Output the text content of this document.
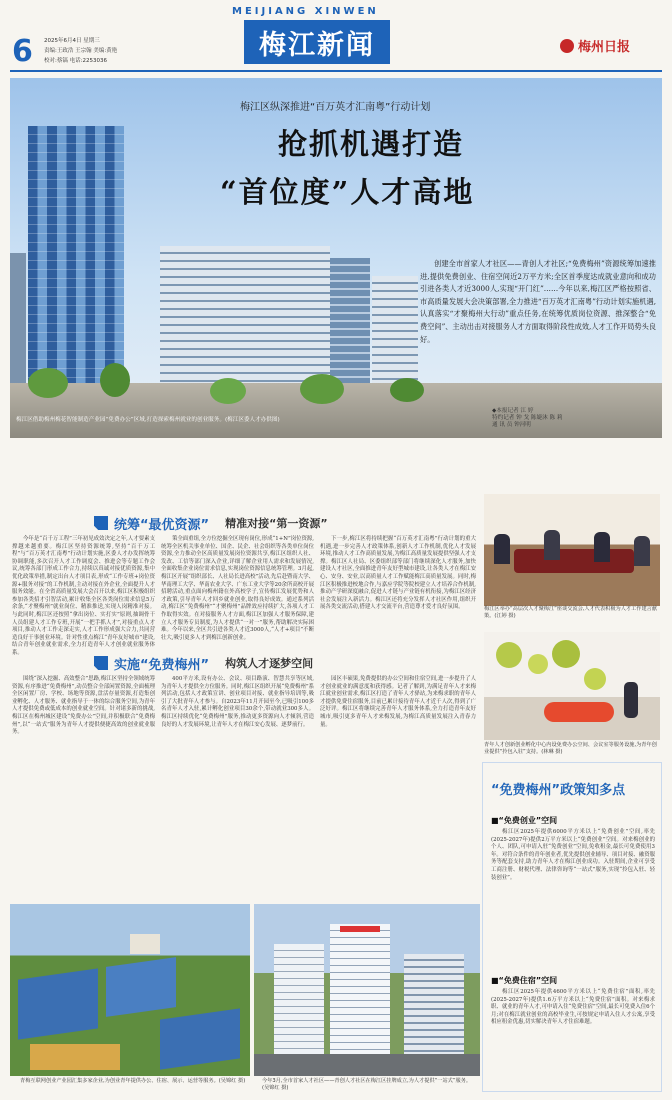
MEIJIANG XINWEN
6 2025年6月4日 星期三
责编:王政浩 王宗翰 美编:黄艳
校对:蔡镐 电话:2253036
梅江新闻	梅州日报
创建全市首家人才社区——青创人才社区;“免费梅州”资源统筹加速推进,提供免费创业、住宿空间近2万平方米;全区首季度达成就业意向和成功引进各类人才近3000人,实现“开门红”……今年以来,梅江区严格按照省、市高质量发展大会决策部署,全力推进“百万英才汇南粤”行动计划实施机遇,认真落实“才聚梅州大行动”重点任务,在统筹优质岗位资源、推深整合“免费空间”、主动出击对接服务人才方面取得阶段性成效,人才工作开局势头良好。
◆本报记者 江 婷
特约记者 钟 戈 陈婕沐 陈 莉
通 讯 员 钟河明
梅江区借助梅州梅花智能制造产业园“免费办公”区域,打造探索梅州就业的创业服务。(梅江区委人才办供图)
梅江区纵深推进“百万英才汇南粤”行动计划
抢抓机遇打造
“首位度”人才高地
统筹“最优资源” 精准对接“第一资源”
今年是“百千万工程”三年初见成效决定之年,人才要素支撑越来越重要。梅江区坚持资源统筹,坚持“百千万工程”与“百万英才汇南粤”行动计划实施,区委人才办发挥统筹协调职能,多次召开人才工作调度会、推进会等专题工作会议,统筹各部门形成工作合力,持续以真诚对接优质资源,集中优化政策举措,制定出台人才项目表,形成“工作专班+岗位资源+服务对接”的工作机制,主动对接在外企业,全面提升人才服务效能。在全省高质量发展大会召开以来,梅江区积极组织参加各类招才引智活动,累计收集全区各类岗位需求信息5万余条,“才聚梅州”就业岗位、精准推送,实现人岗精准对接。与此同时,梅江区还按照“拿出岗位、实打实”原则,抽调骨干人员组建人才工作专班,开展“一把手抓人才”,对接重点人才项目,推动人才工作走深走实,人才工作形成强大合力,共同营造良好干事创业环境。针对性重点梅江“青年友好城市”建设,结合青年创业就业需求,全力打造青年人才创业就业服务体系。
策全面重组,全方位挖掘全区现有岗位,形成“1+N”岗位资源,统筹全区机关事业单位、国企、民企、社会组织等各类单位岗位资源,全力推动全区高质量发展岗位资源共享,梅江区组织人社、发改、工信等部门深入企业,详细了解企业用人需求和发展情况,全面收集企业岗位需求信息,实现岗位资源信息统筹管理。3月起,梅江区开展“组织部长、人社局长进高校”活动,先后赴暨南大学、华南理工大学、华南农业大学、广东工业大学等20余所高校开展招聘活动,重点面向梅州籍在外高校学子,宣传梅江发展优势和人才政策,引导青年人才回乡就业创业,取得良好成效。通过系列活动,梅江区“免费梅州”“才聚梅州”品牌效应持续扩大,各项人才工作取得实效。在对接服务人才方面,梅江区加强人才服务保障,建立人才服务专员制度,为人才提供“一对一”服务,帮助解决实际困难。今年以来,全区共引进各类人才近3000人,“人才+项目”不断壮大,吸引更多人才到梅江创新创业。
下一步,梅江区将持续把握“百万英才汇南粤”行动计划的重大机遇,进一步完善人才政策体系,创新人才工作机制,优化人才发展环境,推动人才工作高质量发展,为梅江高质量发展提供坚强人才支撑。梅江区人社局、区委组织部等部门将继续深化人才服务,加快建设人才社区,全面推进青年友好型城市建设,让各类人才在梅江安心、安身、安业,以高质量人才工作赋能梅江高质量发展。同时,梅江区积极推进校地合作,与嘉应学院等院校建立人才培养合作机制,推动产学研深度融合,促进人才链与产业链有机衔接,为梅江区经济社会发展注入新活力。梅江区还将充分发挥人才社区作用,组织开展各类交流活动,搭建人才交流平台,营造尊才爱才良好氛围。	梅江区举办“高层次人才聚梅江”座谈交流会,人才代表积极为人才工作建言献策。(江婷 摄)
实施“免费梅州” 构筑人才逐梦空间
围绕“深入挖掘、高效整合”思路,梅江区坚持全领域统筹资源,有序推进“免费梅州”,动员整合全部闲置资源,全面梳理全区闲置厂房、学校、场地等资源,盘活存量资源,打造集创业孵化、人才服务、就业指导于一体的综合服务空间,为青年人才提供免费或低成本的创业就业空间。针对诸多新的挑战,梅江区在梅州城区建设“免费办公”空间,并积极联合“免费梅州”,以“一站式”服务为青年人才提供便捷高效的创业就业服务。
400平方米,设有办公、会议、项目路演、智慧共享等区域,为青年人才提供全方位服务。同时,梅江区组织开展“免费梅州”系列活动,包括人才政策宣讲、创业项目对接、就业指导培训等,吸引了大批青年人才参与。自2023年11月开园至今,已吸引100多名青年人才入驻,累计孵化创业项目30余个,带动就业300多人。梅江区持续优化“免费梅州”服务,推动更多资源向人才倾斜,营造良好的人才发展环境,让青年人才在梅江安心发展、逐梦前行。
园区丰硕果,免费提供的办公空间和住宿空间,进一步提升了人才创业就业的满意度和获得感。记者了解到,为满足青年人才来梅江就业创业需求,梅江区打造了青年人才驿站,为来梅求职的青年人才提供免费住宿服务,目前已累计接待青年人才近千人次,得到了广泛好评。梅江区将继续完善青年人才服务体系,全力打造青年友好城市,吸引更多青年人才来梅发展,为梅江高质量发展注入青春力量。
青年人才创新创业孵化中心内设免费办公空间、会议室等服务设施,为青年创业提供“拎包入驻”支持。(林琳 摄)
“免费梅州”政策知多点
■“免费创业”空间
梅江区2025年提供6000平方米以上“免费创业”空间,率先(2025-2027年)提供2万平方米以上“免费创业”空间。对来梅创业的个人、团队,可申请入驻“免费创业”空间,免收租金,最长可免费使用3年。对符合条件的青年创业者,优先提供创业辅导、项目对接、融资服务等配套支持,助力青年人才在梅江创业成功。入驻期间,企业可享受工商注册、财税代理、法律咨询等“一站式”服务,实现“拎包入驻、轻装创业”。
■“免费住宿”空间
梅江区2025年提供4600平方米以上“免费住宿”面积,率先(2025-2027年)提供1.6万平方米以上“免费住宿”面积。对来梅求职、就业的青年人才,可申请入住“免费住宿”空间,最长可免费入住6个月;对在梅江就业创业的高校毕业生,可按规定申请入住人才公寓,享受相应租金优惠,切实解决青年人才住宿难题。
青梅互联网创业产业园汇集多家企业,为创业青年提供办公、住宿、展示、运营等服务。(吴锦红 摄)	今年3月,全市首家人才社区——青创人才社区在梅江区挂牌成立,为人才提供“一站式”服务。(吴锦红 摄)
